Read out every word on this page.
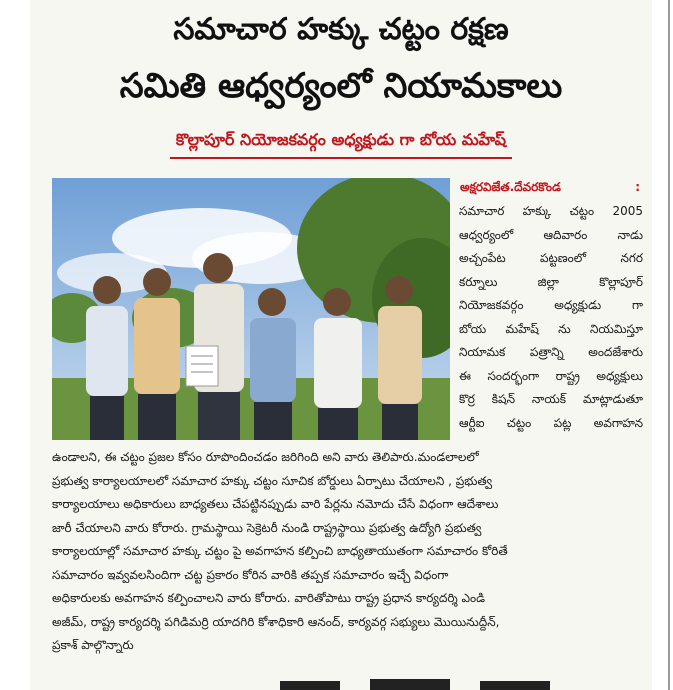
సమాచార హక్కు చట్టం రక్షణ
సమితి ఆధ్వర్యంలో నియామకాలు
కొల్లాపూర్ నియోజకవర్గం అధ్యక్షుడు గా బోయ మహేష్
అక్షరవిజేత.దేవరకొండ	:
సమాచార హక్కు చట్టం 2005
ఆధ్వర్యంలో ఆదివారం నాడు
అచ్చంపేట పట్టణంలో నగర
కర్నూలు జిల్లా కొల్లాపూర్
నియోజకవర్గం అధ్యక్షుడు గా
బోయ మహేష్ ను నియమిస్తూ
నియామక పత్రాన్ని అందజేశారు
ఈ సందర్భంగా రాష్ట్ర అధ్యక్షులు
కొర్ర కిషన్ నాయక్ మాట్లాడుతూ
ఆర్టీఐ చట్టం పట్ల అవగాహన
ఉండాలని, ఈ చట్టం ప్రజల కోసం రూపొందించడం జరిగింది అని వారు తెలిపారు.మండలాలలో
ప్రభుత్వ కార్యాలయాలలో సమాచార హక్కు చట్టం సూచిక బోర్డులు ఏర్పాటు చేయాలని , ప్రభుత్వ
కార్యాలయాలు అధికారులు బాధ్యతలు చేపట్టినప్పుడు వారి పేర్లను నమోదు చేసే విధంగా ఆదేశాలు
జారీ చేయాలని వారు కోరారు. గ్రామస్థాయి సెక్రెటరీ నుండి రాష్ట్రస్థాయి ప్రభుత్వ ఉద్యోగి ప్రభుత్వ
కార్యాలయాల్లో సమాచార హక్కు చట్టం పై అవగాహన కల్పించి బాధ్యతాయుతంగా సమాచారం కోరితే
సమాచారం ఇవ్వవలసిందిగా చట్ట ప్రకారం కోరిన వారికి తప్పక సమాచారం ఇచ్చే విధంగా
అధికారులకు అవగాహన కల్పించాలని వారు కోరారు. వారితోపాటు రాష్ట్ర ప్రధాన కార్యదర్శి ఎండి
అజీమ్, రాష్ట్ర కార్యదర్శి పగిడిమర్రి యాదగిరి కోశాధికారి ఆనంద్, కార్యవర్గ సభ్యులు మొయినుద్దీన్,
ప్రకాశ్ పాల్గొన్నారు
